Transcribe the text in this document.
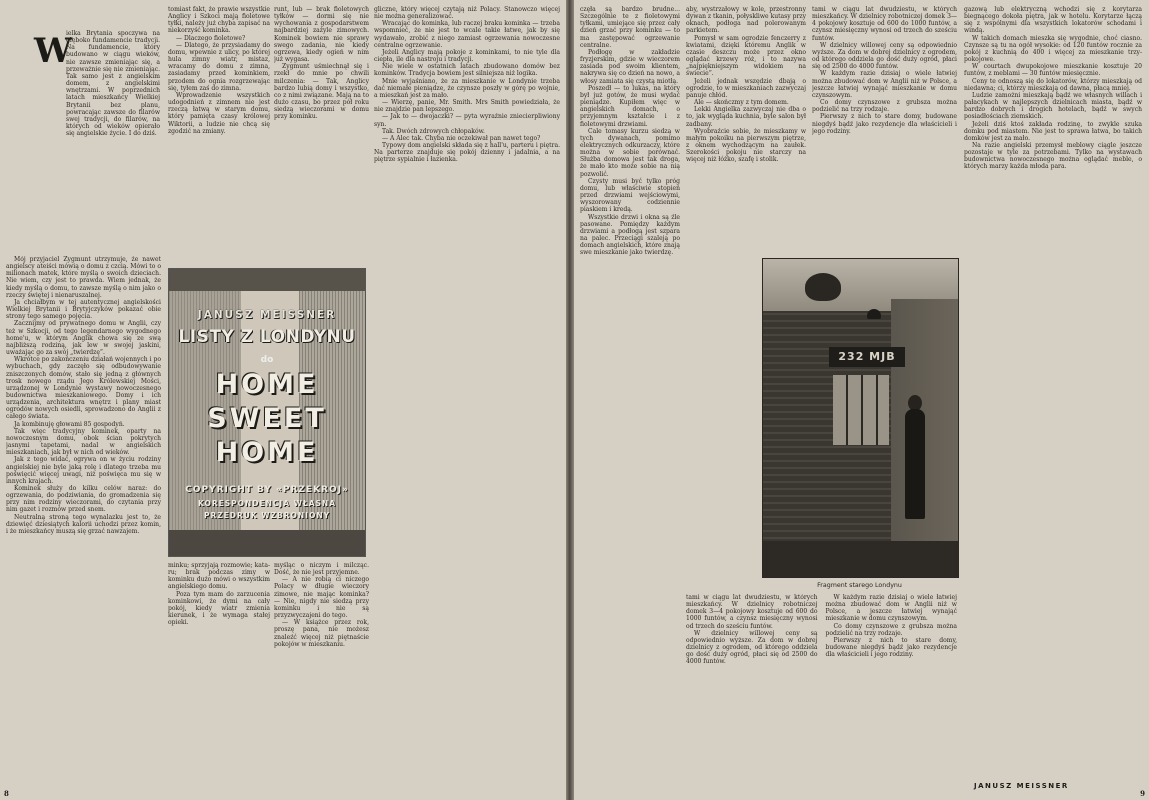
W

ielka Brytania spoczywa na głęboko fundamencie tradycji. Na fundamencie, który budowano w ciągu wieków, nie zawsze zmieniając się, a przeważnie się nie zmieniając. Tak samo jest z angielskim domem, z angielskimi wnętrzami. W poprzednich latach mieszkańcy Wielkiej Brytanii bez planu, powracając zawsze do filarów swej tradycji, do filarów, na których od wieków opierało się angielskie życie. I do dziś.

Mój przyjaciel Zygmunt utrzymuje, że nawet angielscy ateiści mówią o domu z czcią. Mówi to o milionach matek, które myślą o swoich dzieciach. Nie wiem, czy jest to prawda. Wiem jednak, że kiedy myślą o domu, to zawsze myślą o nim jako o rzeczy świętej i nienaruszalnej.

Ja chciałbym w tej autentycznej angielskości Wielkiej Brytanii i Brytyjczyków pokazać obie strony tego samego pojęcia.

Zacznijmy od prywatnego domu w Anglii, czy też w Szkocji, od tego legendarnego wygodnego home'u, w którym Anglik chowa się ze swą najbliższą rodziną, jak lew w swojej jaskini, uważając go za swój „twierdzę”.

Wkrótce po zakończeniu działań wojennych i po wybuchach, gdy zaczęło się odbudowywanie zniszczonych domów, stało się jedną z głównych trosk nowego rządu Jego Królewskiej Mości, urządzonej w Londynie wystawy nowoczesnego budownictwa mieszkaniowego. Domy i ich urządzenia, architektura wnętrz i plany miast ogrodów nowych osiedli, sprowadzono do Anglii z całego świata.

Ja kombinuję głowami 85 gospodyń.

Tak więc tradycyjny kominek, oparty na nowoczesnym domu, obok ścian pokrytych jasnymi tapetami, nadal w angielskich mieszkaniach, jak był w nich od wieków.

Jak z tego widać, ogrywa on w życiu rodziny angielskiej nie byle jaką rolę i dlatego trzeba mu poświęcić więcej uwagi, niż poświęca mu się w innych krajach.

Kominek służy do kilku celów naraz: do ogrzewania, do podziwiania, do gromadzenia się przy nim rodziny wieczorami, do czytania przy nim gazet i rozmów przed snem.

Neutralną stroną tego wynalazku jest to, że dziewięć dziesiątych kalorii uchodzi przez komin, i że mieszkańcy muszą się grzać nawzajem.

tomiast fakt, że prawie wszystkie Anglicy i Szkoci mają fioletowe tyłki, należy już chyba zapisać na niekorzyść kominka.

— Dlaczego fioletowe?

— Dlatego, że przysiadamy do domu, wpewnie z ulicy, po której hula zimny wiatr, mistaz, wracamy do domu z zimna, zasiadamy przed kominkiem, przodem do ognia rozgrzewając się, tyłem zaś do zimna.

Wprowadzenie wszystkich udogodnień z zimnem nie jest rzeczą łatwą w starym domu, który pamięta czasy królowej Wiktorii, a ludzie nie chcą się zgodzić na zmiany.

runt, lub — brak fioletowych tyłków — dormi się nie wychowania z gospodarstwem najbardziej zażyle zimowych. Kominek bowiem nie sprawy swego zadania, nie kiedy ogrzewa, kiedy ogień w nim już wygasa.

Zygmunt uśmiechnął się i rzekł do mnie po chwili milczenia: — Tak, Anglicy bardzo lubią domy i wszystko, co z nimi związane. Mają na to dużo czasu, bo przez pół roku siedzą wieczorami w domu przy kominku.

JANUSZ MEISSNER
LISTY Z LONDYNU
do
HOME
SWEET
HOME
COPYRIGHT BY «PRZEKROJ»
KORESPONDENCJA WŁASNA
PRZEDRUK WZBRONIONY

minku; sprzyjają rozmowie; kataru; brak podczas zimy w kominku dużo mówi o wszystkim angielskiego domu.

Poza tym mam do zarzucenia kominkowi, że dymi na cały pokój, kiedy wiatr zmienia kierunek, i że wymaga stałej opieki.

myśląc o niczym i milcząc. Dość, że nie jest przyjemne.

— A nie robią ci niczego Polacy w długie wieczory zimowe, nie mając kominka? — Nie, nigdy nie siedzą przy kominku i nie są przyzwyczajeni do tego.

— W książce przez rok, proszę pana, nie możesz znaleźć więcej niż piętnaście pokojów w mieszkaniu.

gliczne, który więcej czytają niż Polacy. Stanowczo więcej nie można generalizować.

Wracając do kominka, lub raczej braku kominka — trzeba wspomnieć, że nie jest to wcale takie łatwe, jak by się wydawało, zrobić z niego zamiast ogrzewania nowoczesne centralne ogrzewanie.

Jeżeli Anglicy mają pokoje z kominkami, to nie tyle dla ciepła, ile dla nastroju i tradycji.

Nie wiele w ostatnich latach zbudowano domów bez kominków. Tradycja bowiem jest silniejsza niż logika.

Mnie wyjaśniano, że za mieszkanie w Londynie trzeba dać niemałe pieniądze, że czynsze poszły w górę po wojnie, a mieszkań jest za mało.

— Wierzę, panie, Mr. Smith. Mrs Smith powiedziała, że nie znajdzie pan lepszego.

— Jak to — dwojaczki? — pyta wyraźnie zniecierpliwiony syn.

Tak. Dwóch zdrowych chłopaków.

— A Alec tak. Chyba nie oczekiwał pan nawet tego?

Typowy dom angielski składa się z hall'u, parteru i piętra. Na parterze znajduje się pokój dzienny i jadalnia, a na piętrze sypialnie i łazienka.

8

częła są bardzo brudne... Szczególnie te z fioletowymi tyłkami, umiejące się przez cały dzień grzać przy kominku — to ma zastępować ogrzewanie centralne.

Podłogę w zakładzie fryzjerskim, gdzie w wieczorem zasiada pod swoim klientem, nakrywa się co dzień na nowo, a włosy zamiata się czystą miotłą.

Poszedł — to lukas, na który był już gotów, że musi wydać pieniądze. Kupiłem więc w angielskich domach, o przyjemnym kształcie i z fioletowymi drzwiami.

Cale tomasy kurzu siedzą w tych dywanach, pomimo elektrycznych odkurzaczy, które można w sobie porównać. Służba domowa jest tak droga, że mało kto może sobie na nią pozwolić.

Czysty musi być tylko próg domu, lub właściwie stopień przed drzwiami wejściowymi, wyszorowany codziennie piaskiem i kredą.

Wszystkie drzwi i okna są źle pasowane. Pomiędzy każdym drzwiami a podłogą jest szpara na palec. Przeciągi szaleją po domach angielskich, które znają swe mieszkanie jako twierdzę.

aby, wystrzałowy w kole, przestronny dywan z tkanin, połyskliwe kutasy przy oknach, podłoga nad polerowanym parkietem.

Pomysł w sam ogrodzie fenczerry z kwiatami, dzięki któremu Anglik w czasie deszczu może przez okno oglądać krzewy róż, i to nazywa „najpiękniejszym widokiem na świecie”.

Jeżeli jednak wszędzie dbają o ogrodzie, to w mieszkaniach zazwyczaj panuje chłód.

Ale — skończmy z tym domem.

Lekki Angielka zazwyczaj nie dba o to, jak wygląda kuchnia, byle salon był zadbany.

Wyobraźcie sobie, że mieszkamy w małym pokoiku na pierwszym piętrze, z oknem wychodzącym na zaułek. Szerokości pokoju nie starczy na więcej niż łóżko, szafę i stolik.

tami w ciągu lat dwudziestu, w których mieszkańcy. W dzielnicy robotniczej domek 3—4 pokojowy kosztuje od 600 do 1000 funtów, a czynsz miesięczny wynosi od trzech do sześciu funtów.

W dzielnicy willowej ceny są odpowiednio wyższe. Za dom w dobrej dzielnicy z ogrodem, od którego oddziela go dość duży ogród, płaci się od 2500 do 4000 funtów.

W każdym razie dzisiaj o wiele łatwiej można zbudować dom w Anglii niż w Polsce, a jeszcze łatwiej wynająć mieszkanie w domu czynszowym.

Co domy czynszowe z grubsza można podzielić na trzy rodzaje.

Pierwszy z nich to stare domy, budowane niegdyś bądź jako rezydencje dla właścicieli i jego rodziny.

232 MJB
Fragment starego Londynu

tami w ciągu lat dwudziestu, w których mieszkańcy. W dzielnicy robotniczej domek 3—4 pokojowy kosztuje od 600 do 1000 funtów, a czynsz miesięczny wynosi od trzech do sześciu funtów.

W dzielnicy willowej ceny są odpowiednio wyższe. Za dom w dobrej dzielnicy z ogrodem, od którego oddziela go dość duży ogród, płaci się od 2500 do 4000 funtów.

W każdym razie dzisiaj o wiele łatwiej można zbudować dom w Anglii niż w Polsce, a jeszcze łatwiej wynająć mieszkanie w domu czynszowym.

Co domy czynszowe z grubsza można podzielić na trzy rodzaje.

Pierwszy z nich to stare domy, budowane niegdyś bądź jako rezydencje dla właścicieli i jego rodziny.

gazową lub elektryczną wchodzi się z korytarza biegnącego dokoła piętra, jak w hotelu. Korytarze łączą się z wspólnymi dla wszystkich lokatorów schodami i windą.

W takich domach mieszka się wygodnie, choć ciasno. Czynsze są tu na ogół wysokie: od 120 funtów rocznie za pokój z kuchnią do 400 i więcej za mieszkanie trzy-pokojowe.

W courtach dwupokojowe mieszkanie kosztuje 20 funtów, z meblami — 30 funtów miesięcznie.

Ceny te odnoszą się do lokatorów, którzy mieszkają od niedawna; ci, którzy mieszkają od dawna, płacą mniej.

Ludzie zamożni mieszkają bądź we własnych willach i pałacykach w najlepszych dzielnicach miasta, bądź w bardzo dobrych i drogich hotelach, bądź w swych posiadłościach ziemskich.

Jeżeli dziś ktoś zakłada rodzinę, to zwykle szuka domku pod miastem. Nie jest to sprawa łatwa, bo takich domków jest za mało.

Na razie angielski przemysł meblowy ciągle jeszcze pozostaje w tyle za potrzebami. Tylko na wystawach budownictwa nowoczesnego można oglądać meble, o których marzy każda młoda para.

JANUSZ MEISSNER
9
